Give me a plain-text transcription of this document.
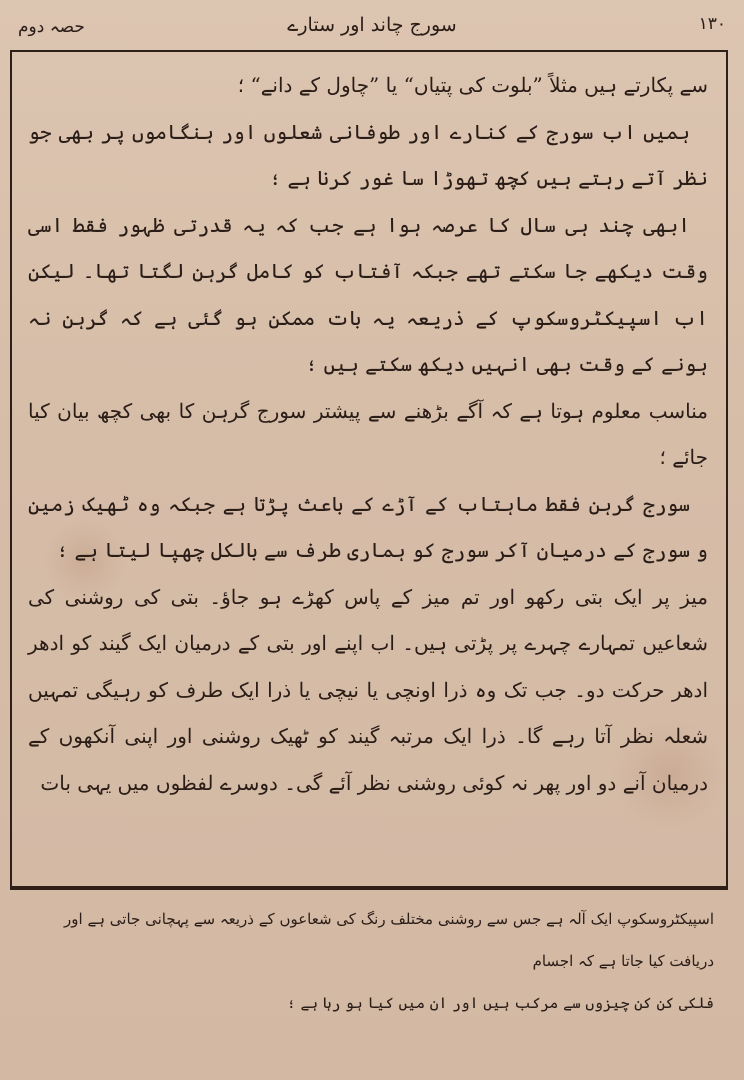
حصہ دوم	سورج چاند اور ستارے	۱۳۰

سے پکارتے ہیں مثلاً ”بلوت کی پتیاں“ یا ”چاول کے دانے“ ؛

ہمیں اب سورج کے کنارے اور طوفانی شعلوں اور ہنگاموں پر بھی جو نظر آتے رہتے ہیں کچھ تھوڑا سا غور کرنا ہے ؛

ابھی چند ہی سال کا عرصہ ہوا ہے جب کہ یہ قدرتی ظہور فقط اسی وقت دیکھے جا سکتے تھے جبکہ آفتاب کو کامل گرہن لگتا تھا۔ لیکن اب اسپیکٹروسکوپ کے ذریعہ یہ بات ممکن ہو گئی ہے کہ گرہن نہ ہونے کے وقت بھی انہیں دیکھ سکتے ہیں ؛

مناسب معلوم ہوتا ہے کہ آگے بڑھنے سے پیشتر سورج گرہن کا بھی کچھ بیان کیا جائے ؛

سورج گرہن فقط ماہتاب کے آڑے کے باعث پڑتا ہے جبکہ وہ ٹھیک زمین و سورج کے درمیان آکر سورج کو ہماری طرف سے بالکل چھپا لیتا ہے ؛

میز پر ایک بتی رکھو اور تم میز کے پاس کھڑے ہو جاؤ۔ بتی کی روشنی کی شعاعیں تمہارے چہرے پر پڑتی ہیں۔ اب اپنے اور بتی کے درمیان ایک گیند کو ادھر ادھر حرکت دو۔ جب تک وہ ذرا اونچی یا نیچی یا ذرا ایک طرف کو رہیگی تمہیں شعلہ نظر آتا رہے گا۔ ذرا ایک مرتبہ گیند کو ٹھیک روشنی اور اپنی آنکھوں کے درمیان آنے دو اور پھر نہ کوئی روشنی نظر آئے گی۔ دوسرے لفظوں میں یہی بات

اسپیکٹروسکوپ ایک آلہ ہے جس سے روشنی مختلف رنگ کی شعاعوں کے ذریعہ سے پہچانی جاتی ہے اور دریافت کیا جاتا ہے کہ اجسام

فلکی کن کن چیزوں سے مرکب ہیں اور ان میں کیا ہو رہا ہے ؛
